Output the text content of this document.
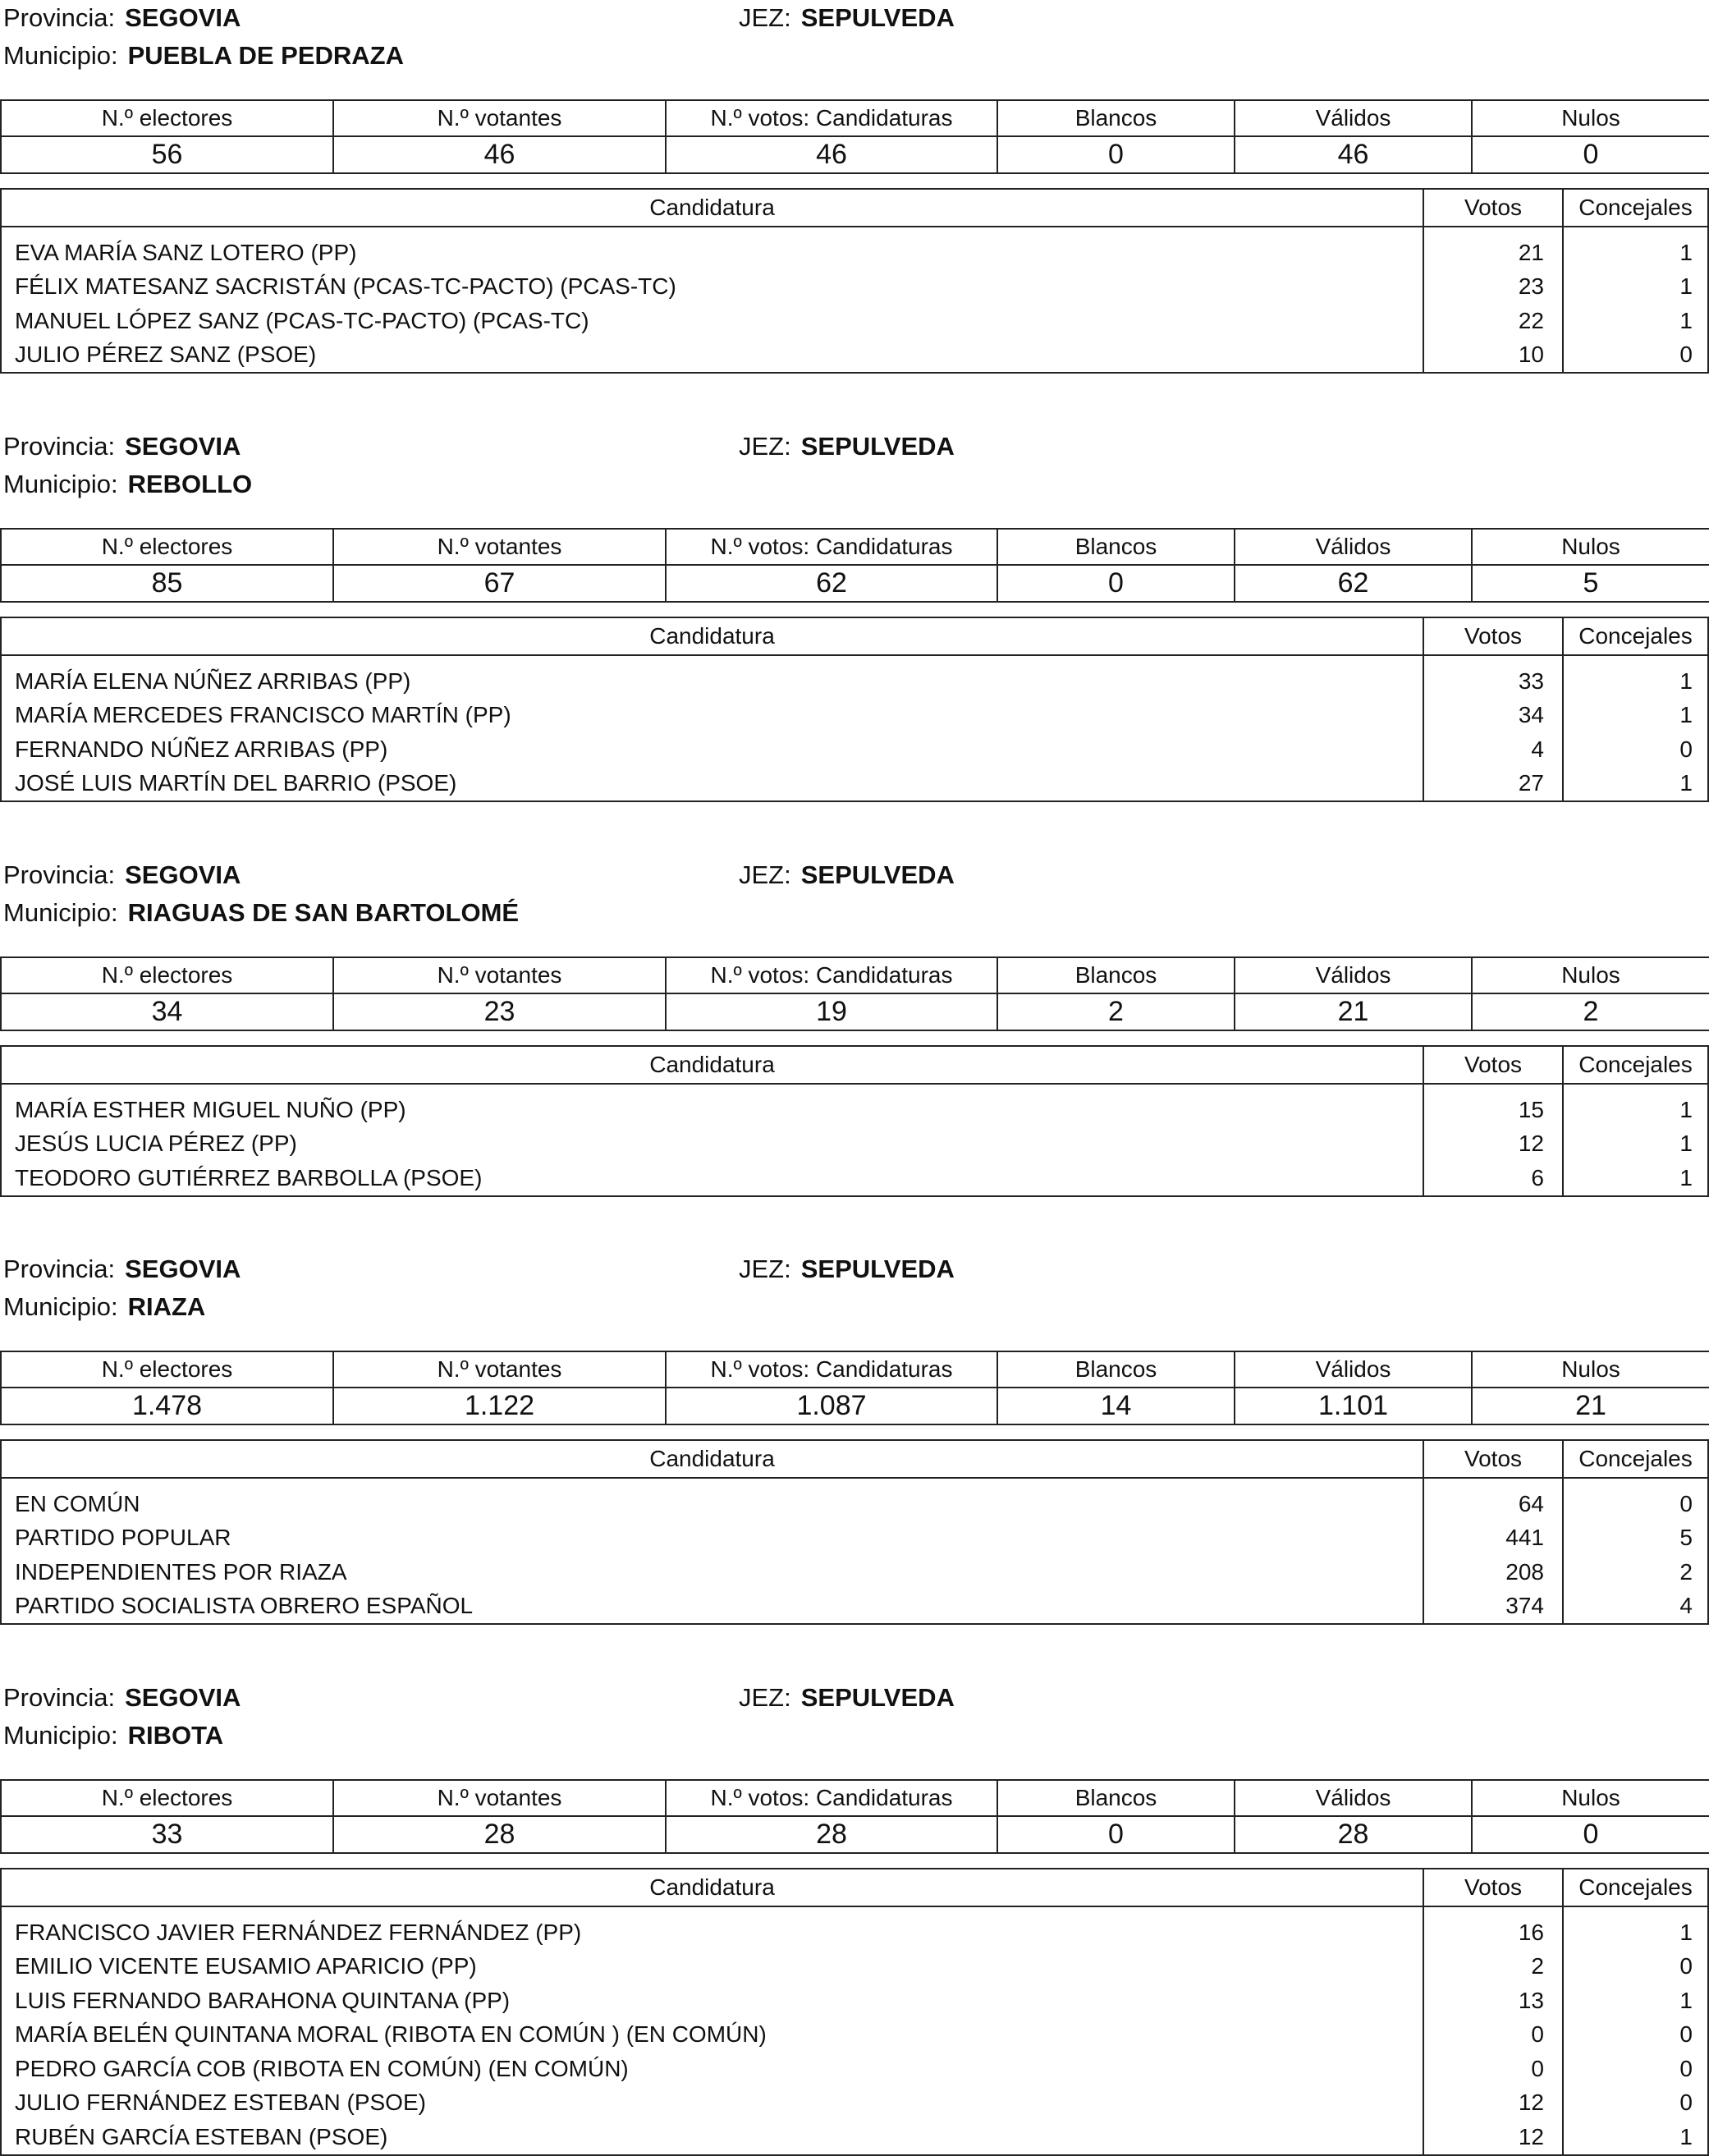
Provincia: SEGOVIA	JEZ: SEPULVEDA
Municipio: PUEBLA DE PEDRAZA
N.º electores	N.º votantes	N.º votos: Candidaturas	Blancos	Válidos	Nulos
56	46	46	0	46	0
Candidatura	Votos	Concejales
EVA MARÍA SANZ LOTERO (PP)	21	1
FÉLIX MATESANZ SACRISTÁN (PCAS-TC-PACTO) (PCAS-TC)	23	1
MANUEL LÓPEZ SANZ (PCAS-TC-PACTO) (PCAS-TC)	22	1
JULIO PÉREZ SANZ (PSOE)	10	0
Provincia: SEGOVIA	JEZ: SEPULVEDA
Municipio: REBOLLO
N.º electores	N.º votantes	N.º votos: Candidaturas	Blancos	Válidos	Nulos
85	67	62	0	62	5
Candidatura	Votos	Concejales
MARÍA ELENA NÚÑEZ ARRIBAS (PP)	33	1
MARÍA MERCEDES FRANCISCO MARTÍN (PP)	34	1
FERNANDO NÚÑEZ ARRIBAS (PP)	4	0
JOSÉ LUIS MARTÍN DEL BARRIO (PSOE)	27	1
Provincia: SEGOVIA	JEZ: SEPULVEDA
Municipio: RIAGUAS DE SAN BARTOLOMÉ
N.º electores	N.º votantes	N.º votos: Candidaturas	Blancos	Válidos	Nulos
34	23	19	2	21	2
Candidatura	Votos	Concejales
MARÍA ESTHER MIGUEL NUÑO (PP)	15	1
JESÚS LUCIA PÉREZ (PP)	12	1
TEODORO GUTIÉRREZ BARBOLLA (PSOE)	6	1
Provincia: SEGOVIA	JEZ: SEPULVEDA
Municipio: RIAZA
N.º electores	N.º votantes	N.º votos: Candidaturas	Blancos	Válidos	Nulos
1.478	1.122	1.087	14	1.101	21
Candidatura	Votos	Concejales
EN COMÚN	64	0
PARTIDO POPULAR	441	5
INDEPENDIENTES POR RIAZA	208	2
PARTIDO SOCIALISTA OBRERO ESPAÑOL	374	4
Provincia: SEGOVIA	JEZ: SEPULVEDA
Municipio: RIBOTA
N.º electores	N.º votantes	N.º votos: Candidaturas	Blancos	Válidos	Nulos
33	28	28	0	28	0
Candidatura	Votos	Concejales
FRANCISCO JAVIER FERNÁNDEZ FERNÁNDEZ (PP)	16	1
EMILIO VICENTE EUSAMIO APARICIO (PP)	2	0
LUIS FERNANDO BARAHONA QUINTANA (PP)	13	1
MARÍA BELÉN QUINTANA MORAL (RIBOTA EN COMÚN ) (EN COMÚN)	0	0
PEDRO GARCÍA COB (RIBOTA EN COMÚN) (EN COMÚN)	0	0
JULIO FERNÁNDEZ ESTEBAN (PSOE)	12	0
RUBÉN GARCÍA ESTEBAN (PSOE)	12	1
